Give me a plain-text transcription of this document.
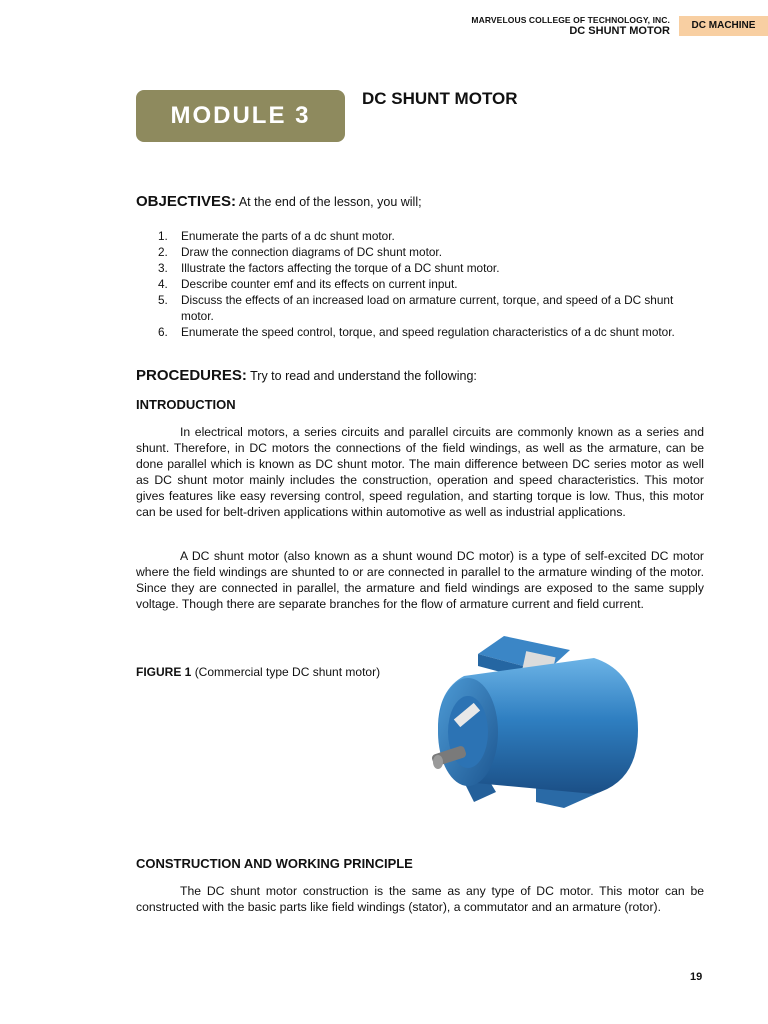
MARVELOUS COLLEGE OF TECHNOLOGY, INC.
DC SHUNT MOTOR	DC MACHINE
MODULE 3
DC SHUNT MOTOR
OBJECTIVES: At the end of the lesson, you will;
1. Enumerate the parts of a dc shunt motor.
2. Draw the connection diagrams of DC shunt motor.
3. Illustrate the factors affecting the torque of a DC shunt motor.
4. Describe counter emf and its effects on current input.
5. Discuss the effects of an increased load on armature current, torque, and speed of a DC shunt motor.
6. Enumerate the speed control, torque, and speed regulation characteristics of a dc shunt motor.
PROCEDURES: Try to read and understand the following:
INTRODUCTION

In electrical motors, a series circuits and parallel circuits are commonly known as a series and shunt. Therefore, in DC motors the connections of the field windings, as well as the armature, can be done parallel which is known as DC shunt motor. The main difference between DC series motor as well as DC shunt motor mainly includes the construction, operation and speed characteristics. This motor gives features like easy reversing control, speed regulation, and starting torque is low. Thus, this motor can be used for belt-driven applications within automotive as well as industrial applications.

A DC shunt motor (also known as a shunt wound DC motor) is a type of self-excited DC motor where the field windings are shunted to or are connected in parallel to the armature winding of the motor. Since they are connected in parallel, the armature and field windings are exposed to the same supply voltage. Though there are separate branches for the flow of armature current and field current.

FIGURE 1 (Commercial type DC shunt motor)
CONSTRUCTION AND WORKING PRINCIPLE

The DC shunt motor construction is the same as any type of DC motor. This motor can be constructed with the basic parts like field windings (stator), a commutator and an armature (rotor).

19
